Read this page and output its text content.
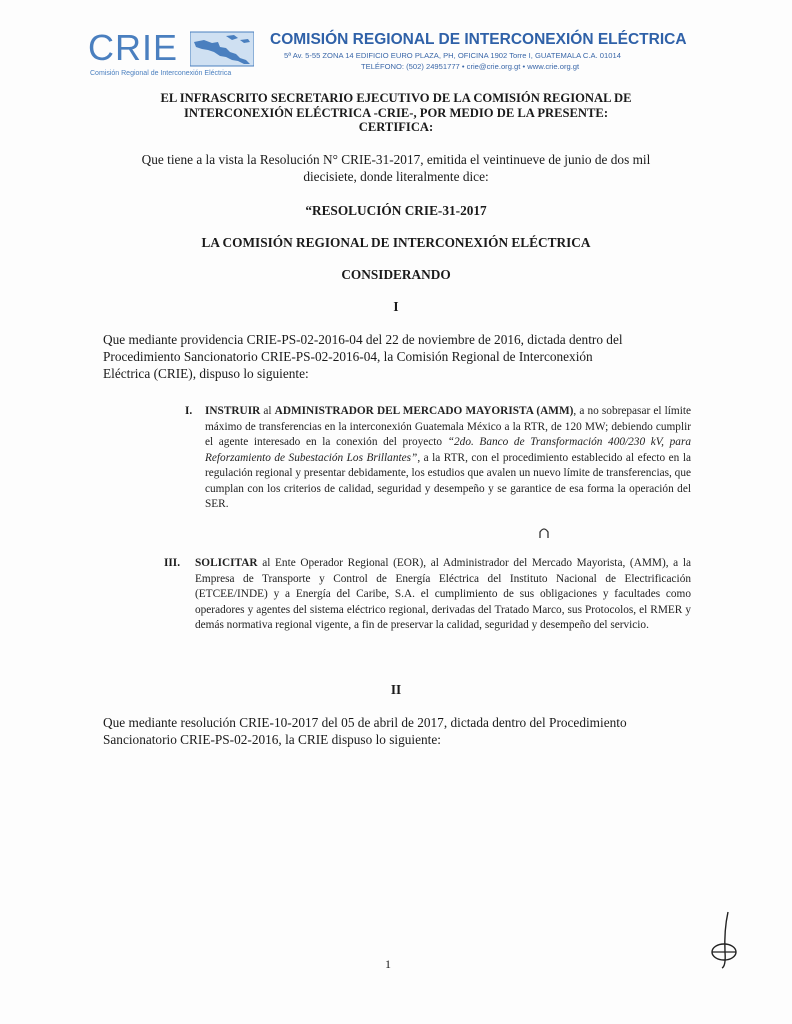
CRIE
Comisión Regional de Interconexión Eléctrica
COMISIÓN REGIONAL DE INTERCONEXIÓN ELÉCTRICA
5ª Av. 5-55 ZONA 14 EDIFICIO EURO PLAZA, PH, OFICINA 1902 Torre I, GUATEMALA C.A. 01014
TELÉFONO: (502) 24951777 • crie@crie.org.gt • www.crie.org.gt
EL INFRASCRITO SECRETARIO EJECUTIVO DE LA COMISIÓN REGIONAL DE
INTERCONEXIÓN ELÉCTRICA -CRIE-, POR MEDIO DE LA PRESENTE:
CERTIFICA:
Que tiene a la vista la Resolución N° CRIE-31-2017, emitida el veintinueve de junio de dos mil
diecisiete, donde literalmente dice:
“RESOLUCIÓN CRIE-31-2017
LA COMISIÓN REGIONAL DE INTERCONEXIÓN ELÉCTRICA
CONSIDERANDO
I
Que mediante providencia CRIE-PS-02-2016-04 del 22 de noviembre de 2016, dictada dentro del
Procedimiento Sancionatorio CRIE-PS-02-2016-04, la Comisión Regional de Interconexión
Eléctrica (CRIE), dispuso lo siguiente:
I. INSTRUIR al ADMINISTRADOR DEL MERCADO MAYORISTA (AMM), a no sobrepasar el límite máximo de transferencias en la interconexión Guatemala México a la RTR, de 120 MW; debiendo cumplir el agente interesado en la conexión del proyecto “2do. Banco de Transformación 400/230 kV, para Reforzamiento de Subestación Los Brillantes”, a la RTR, con el procedimiento establecido al efecto en la regulación regional y presentar debidamente, los estudios que avalen un nuevo límite de transferencias, que cumplan con los criterios de calidad, seguridad y desempeño y se garantice de esa forma la operación del SER.
III. SOLICITAR al Ente Operador Regional (EOR), al Administrador del Mercado Mayorista, (AMM), a la Empresa de Transporte y Control de Energía Eléctrica del Instituto Nacional de Electrificación (ETCEE/INDE) y a Energía del Caribe, S.A. el cumplimiento de sus obligaciones y facultades como operadores y agentes del sistema eléctrico regional, derivadas del Tratado Marco, sus Protocolos, el RMER y demás normativa regional vigente, a fin de preservar la calidad, seguridad y desempeño del servicio.
II
Que mediante resolución CRIE-10-2017 del 05 de abril de 2017, dictada dentro del Procedimiento
Sancionatorio CRIE-PS-02-2016, la CRIE dispuso lo siguiente:
1
